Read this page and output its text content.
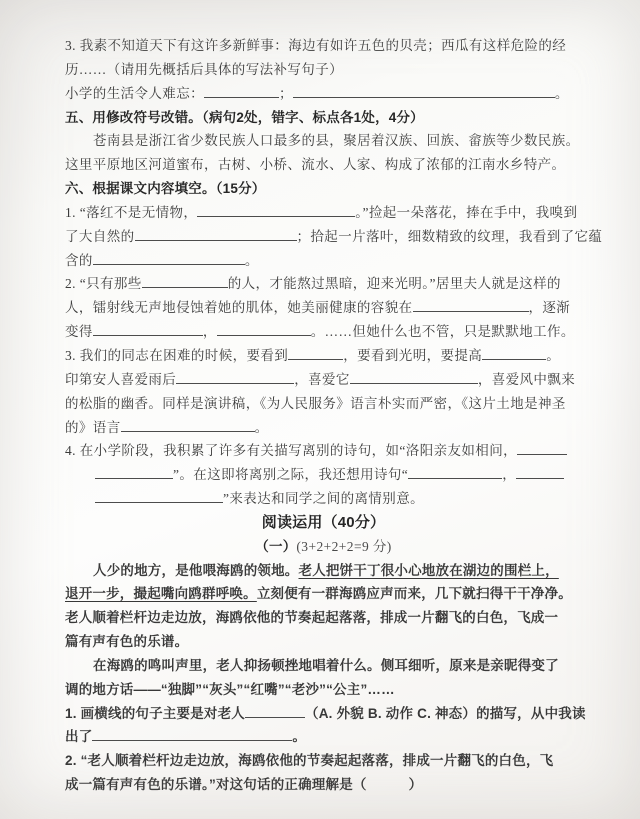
3. 我素不知道天下有这许多新鲜事：海边有如许五色的贝壳；西瓜有这样危险的经
历……（请用先概括后具体的写法补写句子）
小学的生活令人难忘：	；	。
五、用修改符号改错。（病句2处，错字、标点各1处，4分）
苍南县是浙江省少数民族人口最多的县，聚居着汉族、回族、畲族等少数民族。
这里平原地区河道蜜布，古树、小桥、流水、人家、构成了浓郁的江南水乡特产。
六、根据课文内容填空。（15分）
1. “落红不是无情物，	。”捡起一朵落花，捧在手中，我嗅到
了大自然的	；拾起一片落叶，细数精致的纹理，我看到了它蕴
含的	。
2. “只有那些	的人，才能熬过黑暗，迎来光明。”居里夫人就是这样的
人，镭射线无声地侵蚀着她的肌体，她美丽健康的容貌在	，逐渐
变得	，	。……但她什么也不管，只是默默地工作。
3. 我们的同志在困难的时候，要看到	，要看到光明，要提高	。
印第安人喜爱雨后	，喜爱它	，喜爱风中飘来
的松脂的幽香。同样是演讲稿，《为人民服务》语言朴实而严密，《这片土地是神圣
的》语言	。
4. 在小学阶段，我积累了许多有关描写离别的诗句，如“洛阳亲友如相问，
”。在这即将离别之际，我还想用诗句“	，
”来表达和同学之间的离情别意。
阅读运用（40分）
（一）(3+2+2+2=9 分)
人少的地方，是他喂海鸥的领地。老人把饼干丁很小心地放在湖边的围栏上，
退开一步，撮起嘴向鸥群呼唤。立刻便有一群海鸥应声而来，几下就扫得干干净净。
老人顺着栏杆边走边放，海鸥依他的节奏起起落落，排成一片翻飞的白色，飞成一
篇有声有色的乐谱。
在海鸥的鸣叫声里，老人抑扬顿挫地唱着什么。侧耳细听，原来是亲昵得变了
调的地方话——“独脚”“灰头”“红嘴”“老沙”“公主”……
1. 画横线的句子主要是对老人	（A. 外貌 B. 动作 C. 神态）的描写，从中我读
出了	。
2. “老人顺着栏杆边走边放，海鸥依他的节奏起起落落，排成一片翻飞的白色，飞
成一篇有声有色的乐谱。”对这句话的正确理解是（	）
